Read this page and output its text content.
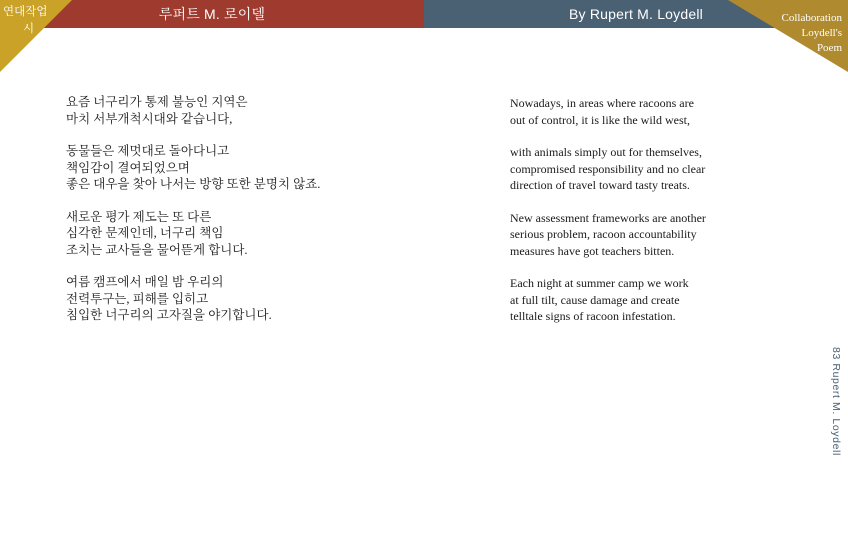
루퍼트 M. 로이델	By Rupert M. Loydell
연대작업
시
Collaboration
Loydell's
Poem
요즘 너구리가 통제 불능인 지역은
마치 서부개척시대와 같습니다,
동물들은 제멋대로 돌아다니고
책임감이 결여되었으며
좋은 대우을 찾아 나서는 방향 또한 분명치 않죠.
새로운 평가 제도는 또 다른
심각한 문제인데, 너구리 책임
조치는 교사들을 물어뜯게 합니다.
여름 캠프에서 매일 밤 우리의
전력투구는, 피해를 입히고
침입한 너구리의 고자질을 야기합니다.
Nowadays, in areas where racoons are
out of control, it is like the wild west,
with animals simply out for themselves,
compromised responsibility and no clear
direction of travel toward tasty treats.
New assessment frameworks are another
serious problem, racoon accountability
measures have got teachers bitten.
Each night at summer camp we work
at full tilt, cause damage and create
telltale signs of racoon infestation.
83 Rupert M. Loydell
